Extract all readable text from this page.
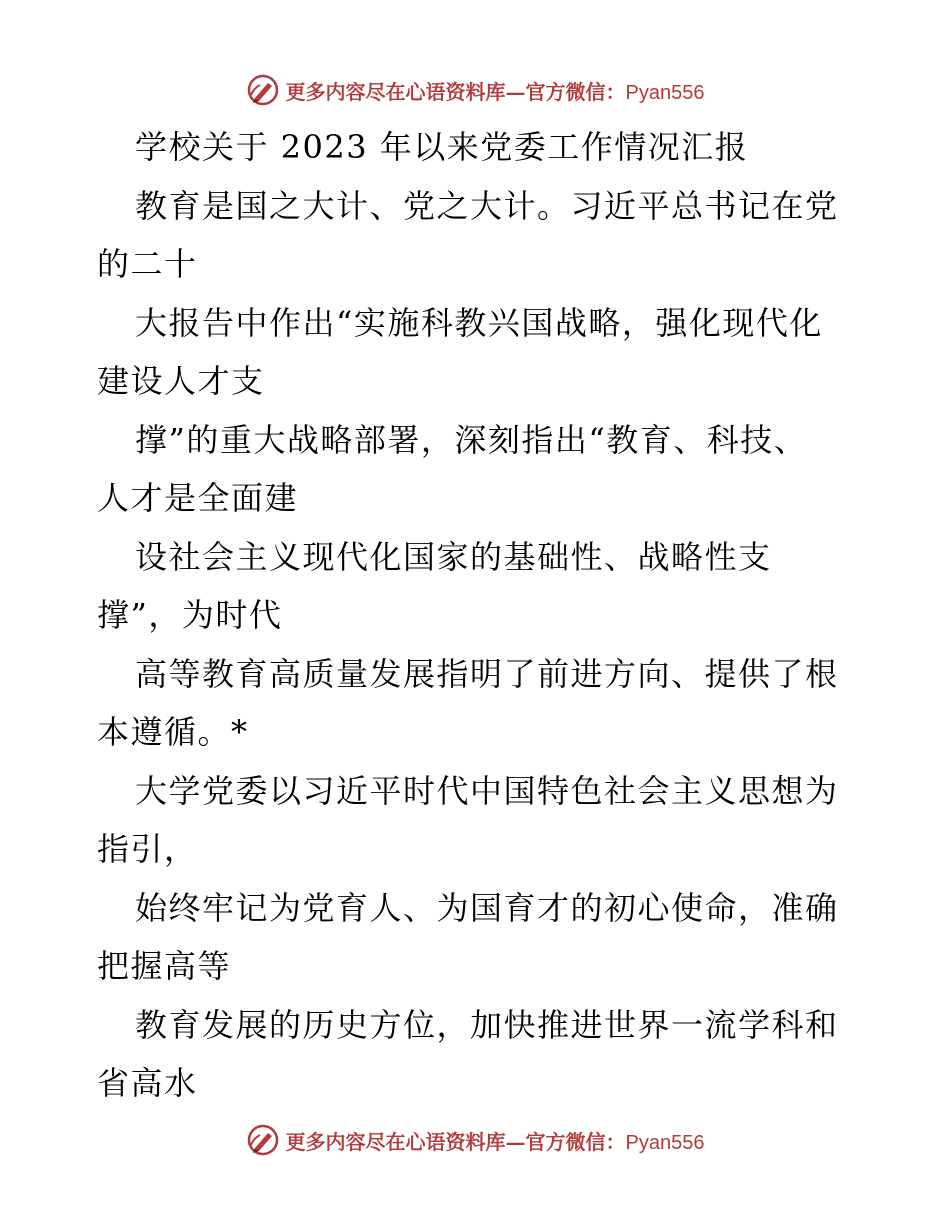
更多内容尽在心语资料库—官方微信：Pyan556
学校关于 2023 年以来党委工作情况汇报
教育是国之大计、党之大计。习近平总书记在党
的二十
大报告中作出“实施科教兴国战略，强化现代化
建设人才支
撑”的重大战略部署，深刻指出“教育、科技、
人才是全面建
设社会主义现代化国家的基础性、战略性支
撑”，为时代
高等教育高质量发展指明了前进方向、提供了根
本遵循。*
大学党委以习近平时代中国特色社会主义思想为
指引，
始终牢记为党育人、为国育才的初心使命，准确
把握高等
教育发展的历史方位，加快推进世界一流学科和
省高水
更多内容尽在心语资料库—官方微信：Pyan556
